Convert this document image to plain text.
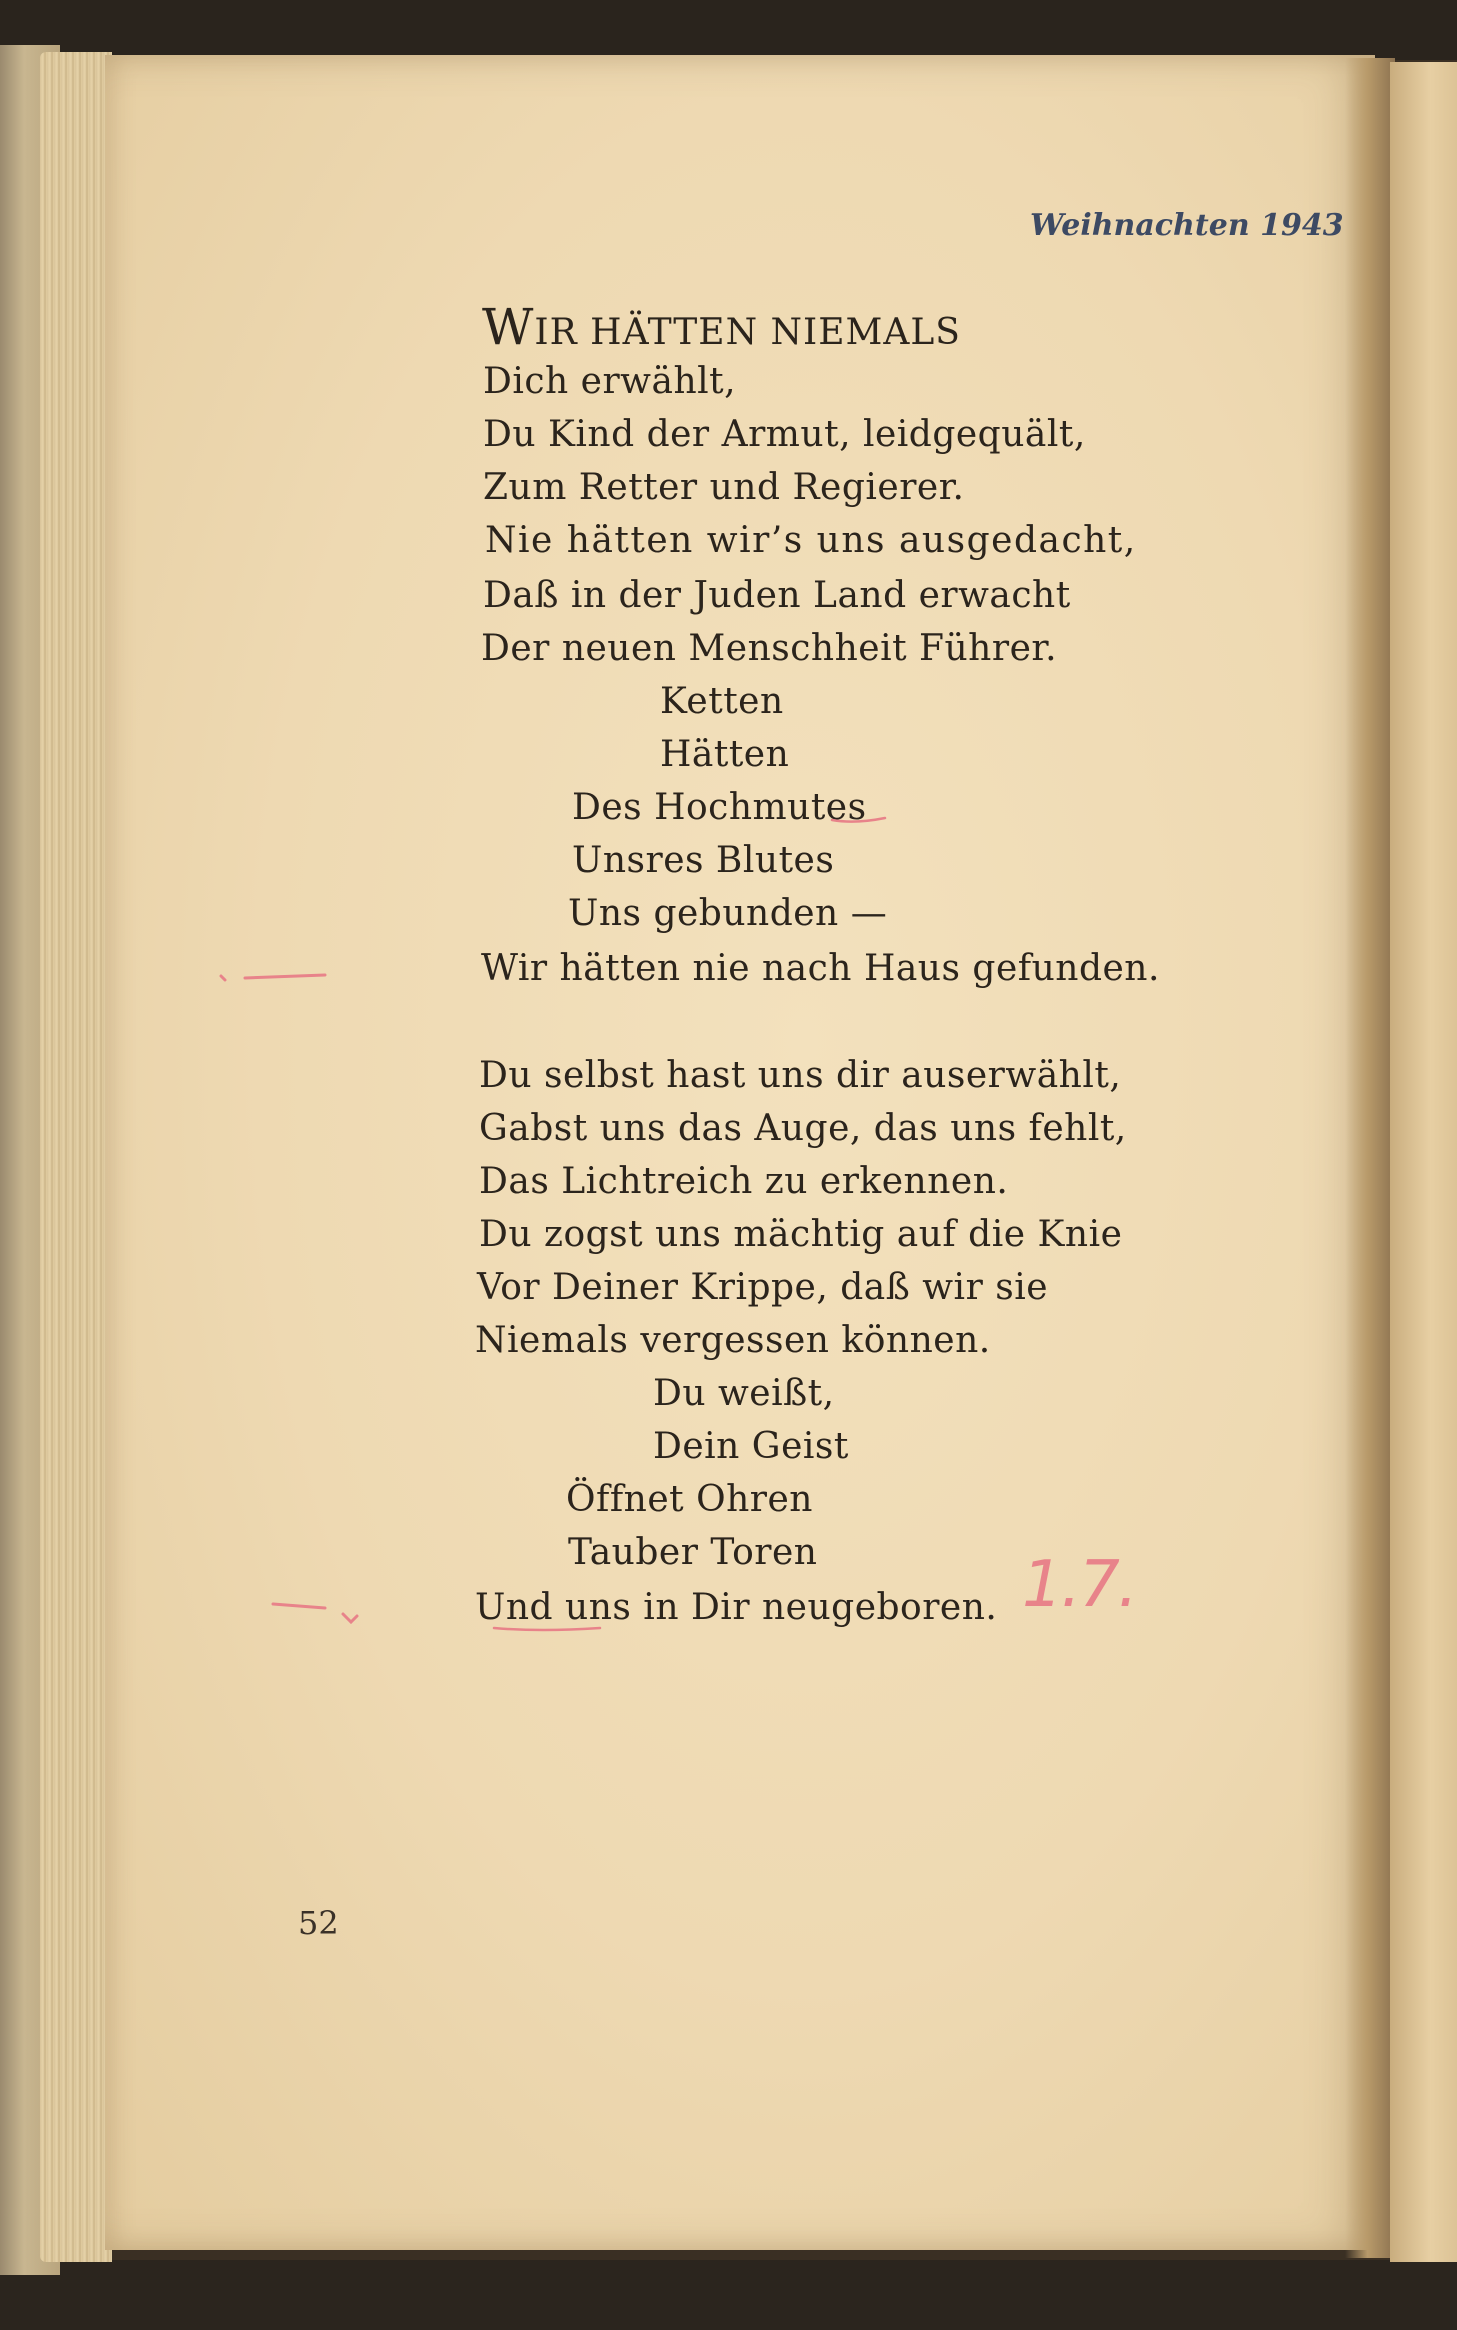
Weihnachten 1943
WIR HÄTTEN NIEMALS
Dich erwählt,
Du Kind der Armut, leidgequält,
Zum Retter und Regierer.
Nie hätten wir’s uns ausgedacht,
Daß in der Juden Land erwacht
Der neuen Menschheit Führer.
Ketten
Hätten
Des Hochmutes
Unsres Blutes
Uns gebunden —
Wir hätten nie nach Haus gefunden.
Du selbst hast uns dir auserwählt,
Gabst uns das Auge, das uns fehlt,
Das Lichtreich zu erkennen.
Du zogst uns mächtig auf die Knie
Vor Deiner Krippe, daß wir sie
Niemals vergessen können.
Du weißt,
Dein Geist
Öffnet Ohren
Tauber Toren
Und uns in Dir neugeboren. 1.7.
52
